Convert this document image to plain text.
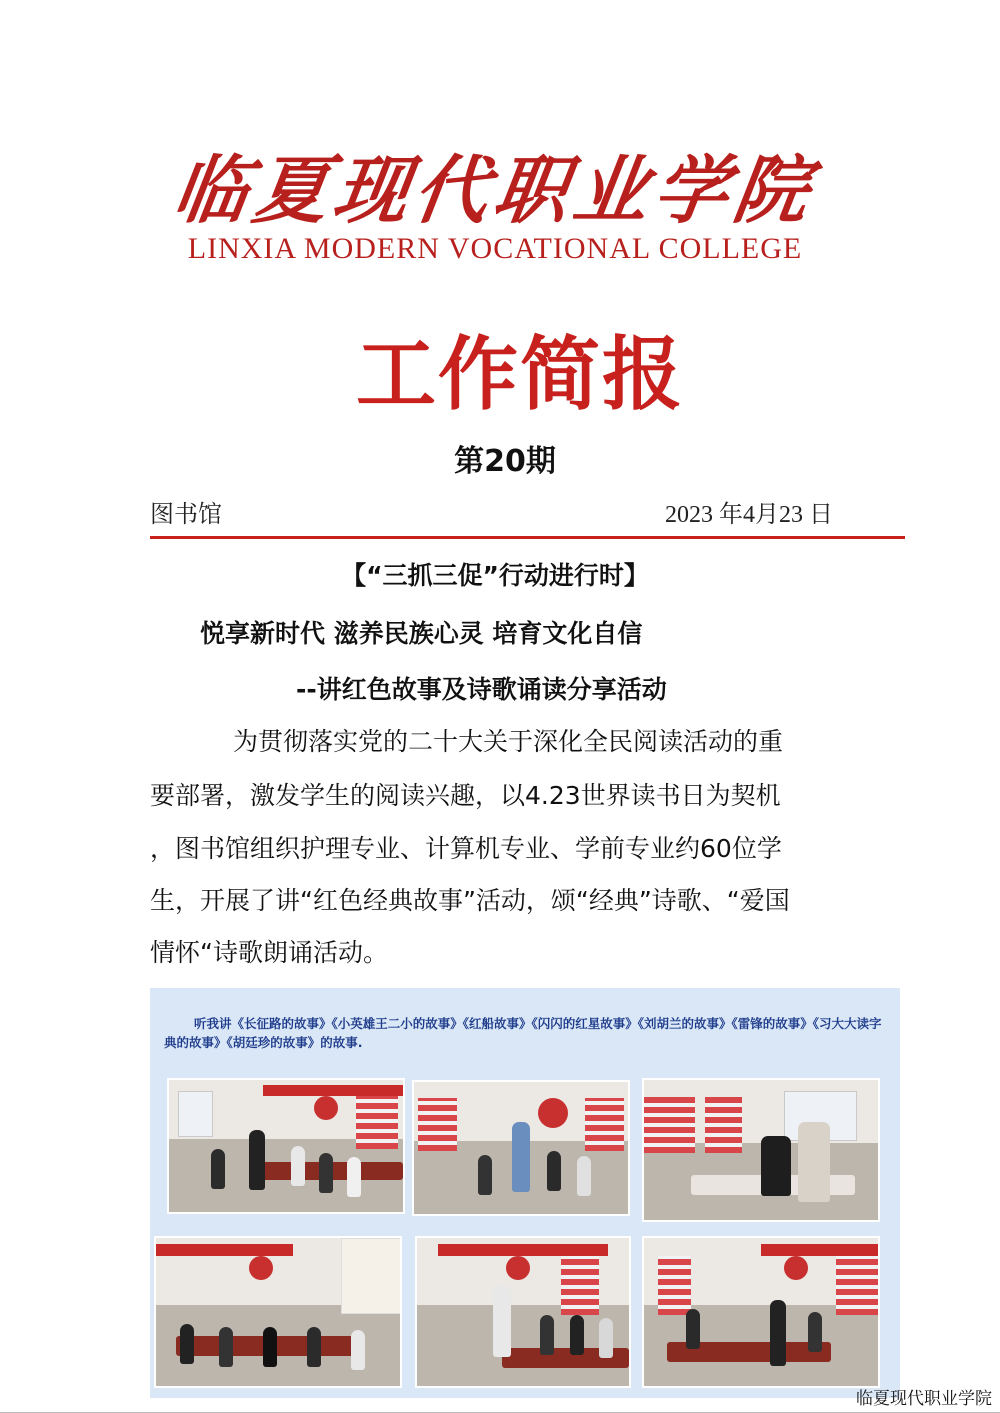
临夏现代职业学院
LINXIA MODERN VOCATIONAL COLLEGE
工作简报
第20期
图书馆	2023 年4月23 日
【“三抓三促”行动进行时】
悦享新时代 滋养民族心灵 培育文化自信
--讲红色故事及诗歌诵读分享活动
为贯彻落实党的二十大关于深化全民阅读活动的重
要部署，激发学生的阅读兴趣，以4.23世界读书日为契机
，图书馆组织护理专业、计算机专业、学前专业约60位学
生，开展了讲“红色经典故事”活动，颂“经典”诗歌、“爱国
情怀“诗歌朗诵活动。
听我讲《长征路的故事》《小英雄王二小的故事》《红船故事》《闪闪的红星故事》《刘胡兰的故事》《雷锋的故事》《习大大读字典的故事》《胡廷珍的故事》的故事.
临夏现代职业学院
